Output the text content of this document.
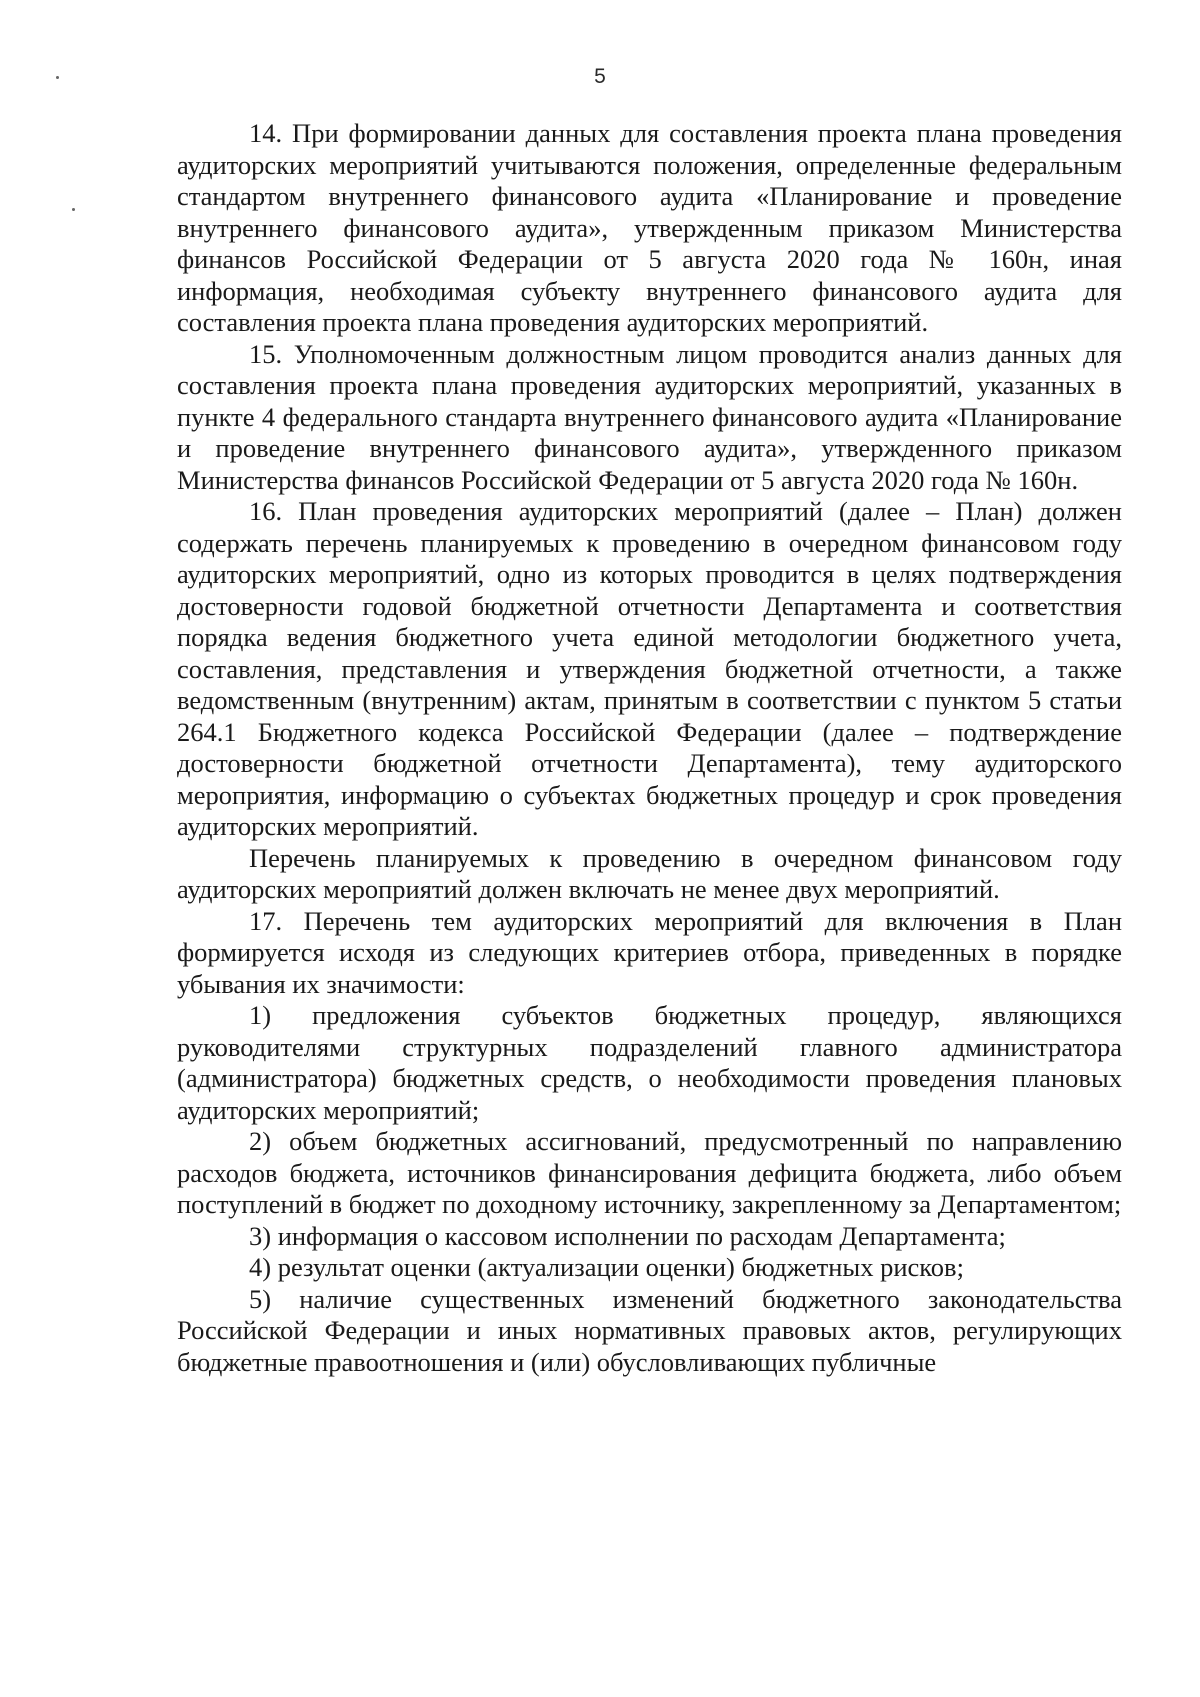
5

14. При формировании данных для составления проекта плана проведения аудиторских мероприятий учитываются положения, определенные федеральным стандартом внутреннего финансового аудита «Планирование и проведение внутреннего финансового аудита», утвержденным приказом Министерства финансов Российской Федерации от 5 августа 2020 года № 160н, иная информация, необходимая субъекту внутреннего финансового аудита для составления проекта плана проведения аудиторских мероприятий.

15. Уполномоченным должностным лицом проводится анализ данных для составления проекта плана проведения аудиторских мероприятий, указанных в пункте 4 федерального стандарта внутреннего финансового аудита «Планирование и проведение внутреннего финансового аудита», утвержденного приказом Министерства финансов Российской Федерации от 5 августа 2020 года № 160н.

16. План проведения аудиторских мероприятий (далее – План) должен содержать перечень планируемых к проведению в очередном финансовом году аудиторских мероприятий, одно из которых проводится в целях подтверждения достоверности годовой бюджетной отчетности Департамента и соответствия порядка ведения бюджетного учета единой методологии бюджетного учета, составления, представления и утверждения бюджетной отчетности, а также ведомственным (внутренним) актам, принятым в соответствии с пунктом 5 статьи 264.1 Бюджетного кодекса Российской Федерации (далее – подтверждение достоверности бюджетной отчетности Департамента), тему аудиторского мероприятия, информацию о субъектах бюджетных процедур и срок проведения аудиторских мероприятий.

Перечень планируемых к проведению в очередном финансовом году аудиторских мероприятий должен включать не менее двух мероприятий.

17. Перечень тем аудиторских мероприятий для включения в План формируется исходя из следующих критериев отбора, приведенных в порядке убывания их значимости:

1) предложения субъектов бюджетных процедур, являющихся руководителями структурных подразделений главного администратора (администратора) бюджетных средств, о необходимости проведения плановых аудиторских мероприятий;

2) объем бюджетных ассигнований, предусмотренный по направлению расходов бюджета, источников финансирования дефицита бюджета, либо объем поступлений в бюджет по доходному источнику, закрепленному за Департаментом;

3) информация о кассовом исполнении по расходам Департамента;

4) результат оценки (актуализации оценки) бюджетных рисков;

5) наличие существенных изменений бюджетного законодательства Российской Федерации и иных нормативных правовых актов, регулирующих бюджетные правоотношения и (или) обусловливающих публичные
